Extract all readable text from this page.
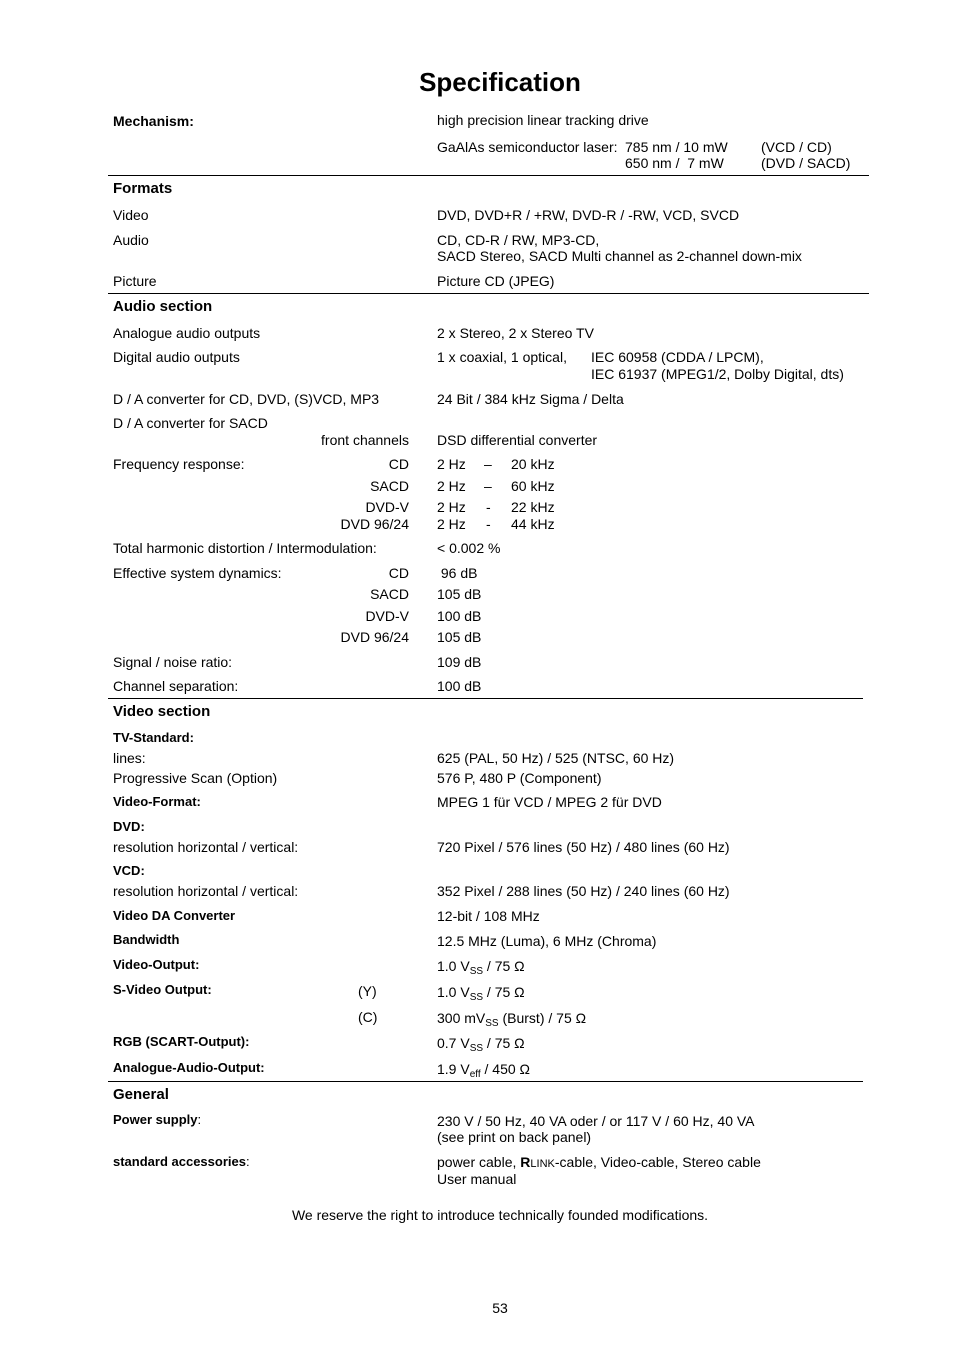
Specification
Mechanism:	high precision linear tracking drive
GaAlAs semiconductor laser: 785 nm / 10 mW (VCD / CD)
650 nm /  7 mW	(DVD / SACD)
Formats
Video	DVD, DVD+R / +RW, DVD-R / -RW, VCD, SVCD
Audio	CD, CD-R / RW, MP3-CD,
SACD Stereo, SACD Multi channel as 2-channel down-mix
Picture	Picture CD (JPEG)
Audio section
Analogue audio outputs	2 x Stereo, 2 x Stereo TV
Digital audio outputs	1 x coaxial, 1 optical, IEC 60958 (CDDA / LPCM),
IEC 61937 (MPEG1/2, Dolby Digital, dts)
D / A converter for CD, DVD, (S)VCD, MP3	24 Bit / 384 kHz Sigma / Delta
D / A converter for SACD
front channels DSD differential converter
Frequency response:	CD 2 Hz – 20 kHz
SACD 2 Hz – 60 kHz
DVD-V 2 Hz - 22 kHz
DVD 96/24 2 Hz - 44 kHz
Total harmonic distortion / Intermodulation:	< 0.002 %
Effective system dynamics:	CD 96 dB
SACD 105 dB
DVD-V 100 dB
DVD 96/24 105 dB
Signal / noise ratio:	109 dB
Channel separation:	100 dB
Video section
TV-Standard:
lines:	625 (PAL, 50 Hz) / 525 (NTSC, 60 Hz)
Progressive Scan (Option)	576 P, 480 P (Component)
Video-Format:	MPEG 1 für VCD / MPEG 2 für DVD
DVD:
resolution horizontal / vertical:	720 Pixel / 576 lines (50 Hz) / 480 lines (60 Hz)
VCD:
resolution horizontal / vertical:	352 Pixel / 288 lines (50 Hz) / 240 lines (60 Hz)
Video DA Converter	12-bit / 108 MHz
Bandwidth	12.5 MHz (Luma), 6 MHz (Chroma)
Video-Output:	1.0 $V_{SS} / 75$ Ω
S-Video Output:	(Y)	1.0 $V_{SS} / 75$ Ω
(C)	300 $mV_{SS}$ (Burst) / 75 Ω
RGB (SCART-Output):	0.7 $V_{SS} / 75$ Ω
Analogue-Audio-Output:	1.9 $V_{eff} / 450$ Ω
General
Power supply:	230 V / 50 Hz, 40 VA oder / or 117 V / 60 Hz, 40 VA
(see print on back panel)
standard accessories:	power cable, RLINK-cable, Video-cable, Stereo cable
User manual
We reserve the right to introduce technically founded modifications.
53
